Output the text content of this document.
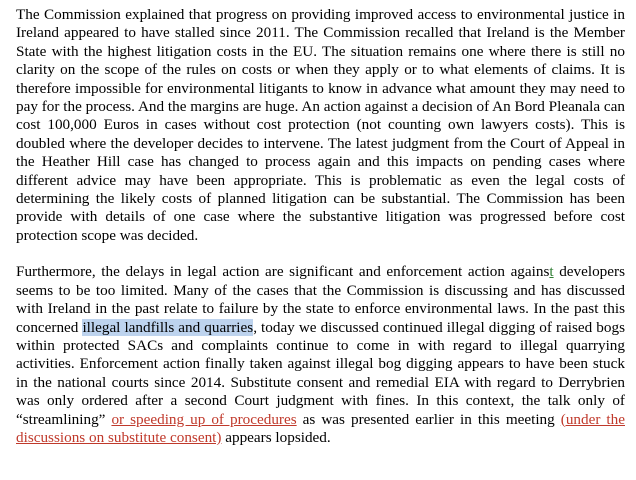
The Commission explained that progress on providing improved access to environmental justice in Ireland appeared to have stalled since 2011. The Commission recalled that Ireland is the Member State with the highest litigation costs in the EU. The situation remains one where there is still no clarity on the scope of the rules on costs or when they apply or to what elements of claims. It is therefore impossible for environmental litigants to know in advance what amount they may need to pay for the process. And the margins are huge. An action against a decision of An Bord Pleanala can cost 100,000 Euros in cases without cost protection (not counting own lawyers costs). This is doubled where the developer decides to intervene. The latest judgment from the Court of Appeal in the Heather Hill case has changed to process again and this impacts on pending cases where different advice may have been appropriate. This is problematic as even the legal costs of determining the likely costs of planned litigation can be substantial. The Commission has been provide with details of one case where the substantive litigation was progressed before cost protection scope was decided.

Furthermore, the delays in legal action are significant and enforcement action against developers seems to be too limited. Many of the cases that the Commission is discussing and has discussed with Ireland in the past relate to failure by the state to enforce environmental laws. In the past this concerned illegal landfills and quarries, today we discussed continued illegal digging of raised bogs within protected SACs and complaints continue to come in with regard to illegal quarrying activities. Enforcement action finally taken against illegal bog digging appears to have been stuck in the national courts since 2014. Substitute consent and remedial EIA with regard to Derrybrien was only ordered after a second Court judgment with fines. In this context, the talk only of “streamlining” or speeding up of procedures as was presented earlier in this meeting (under the discussions on substitute consent) appears lopsided.
